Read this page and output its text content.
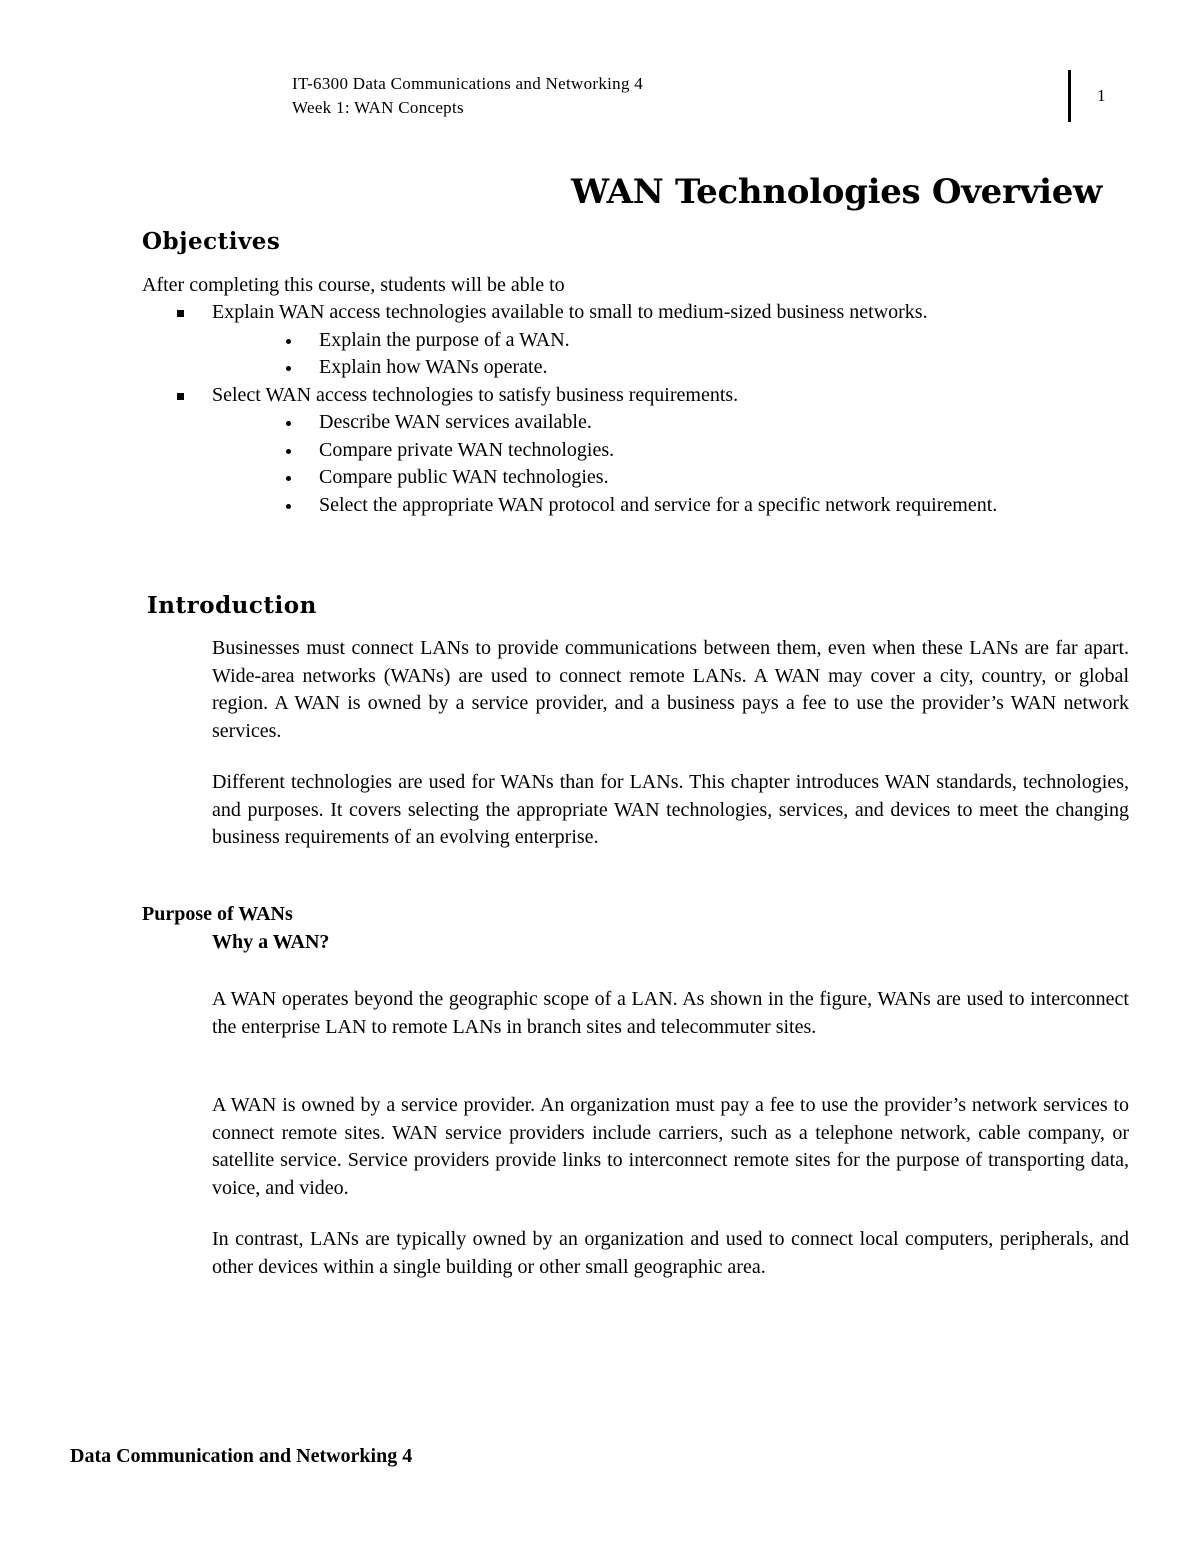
IT-6300 Data Communications and Networking 4
Week 1: WAN Concepts
1
WAN Technologies Overview
Objectives
After completing this course, students will be able to
Explain WAN access technologies available to small to medium-sized business networks.
Explain the purpose of a WAN.
Explain how WANs operate.
Select WAN access technologies to satisfy business requirements.
Describe WAN services available.
Compare private WAN technologies.
Compare public WAN technologies.
Select the appropriate WAN protocol and service for a specific network requirement.
Introduction

Businesses must connect LANs to provide communications between them, even when these LANs are far apart. Wide-area networks (WANs) are used to connect remote LANs. A WAN may cover a city, country, or global region. A WAN is owned by a service provider, and a business pays a fee to use the provider’s WAN network services.

Different technologies are used for WANs than for LANs. This chapter introduces WAN standards, technologies, and purposes. It covers selecting the appropriate WAN technologies, services, and devices to meet the changing business requirements of an evolving enterprise.

Purpose of WANs
Why a WAN?

A WAN operates beyond the geographic scope of a LAN. As shown in the figure, WANs are used to interconnect the enterprise LAN to remote LANs in branch sites and telecommuter sites.

A WAN is owned by a service provider. An organization must pay a fee to use the provider’s network services to connect remote sites. WAN service providers include carriers, such as a telephone network, cable company, or satellite service. Service providers provide links to interconnect remote sites for the purpose of transporting data, voice, and video.

In contrast, LANs are typically owned by an organization and used to connect local computers, peripherals, and other devices within a single building or other small geographic area.

Data Communication and Networking 4
